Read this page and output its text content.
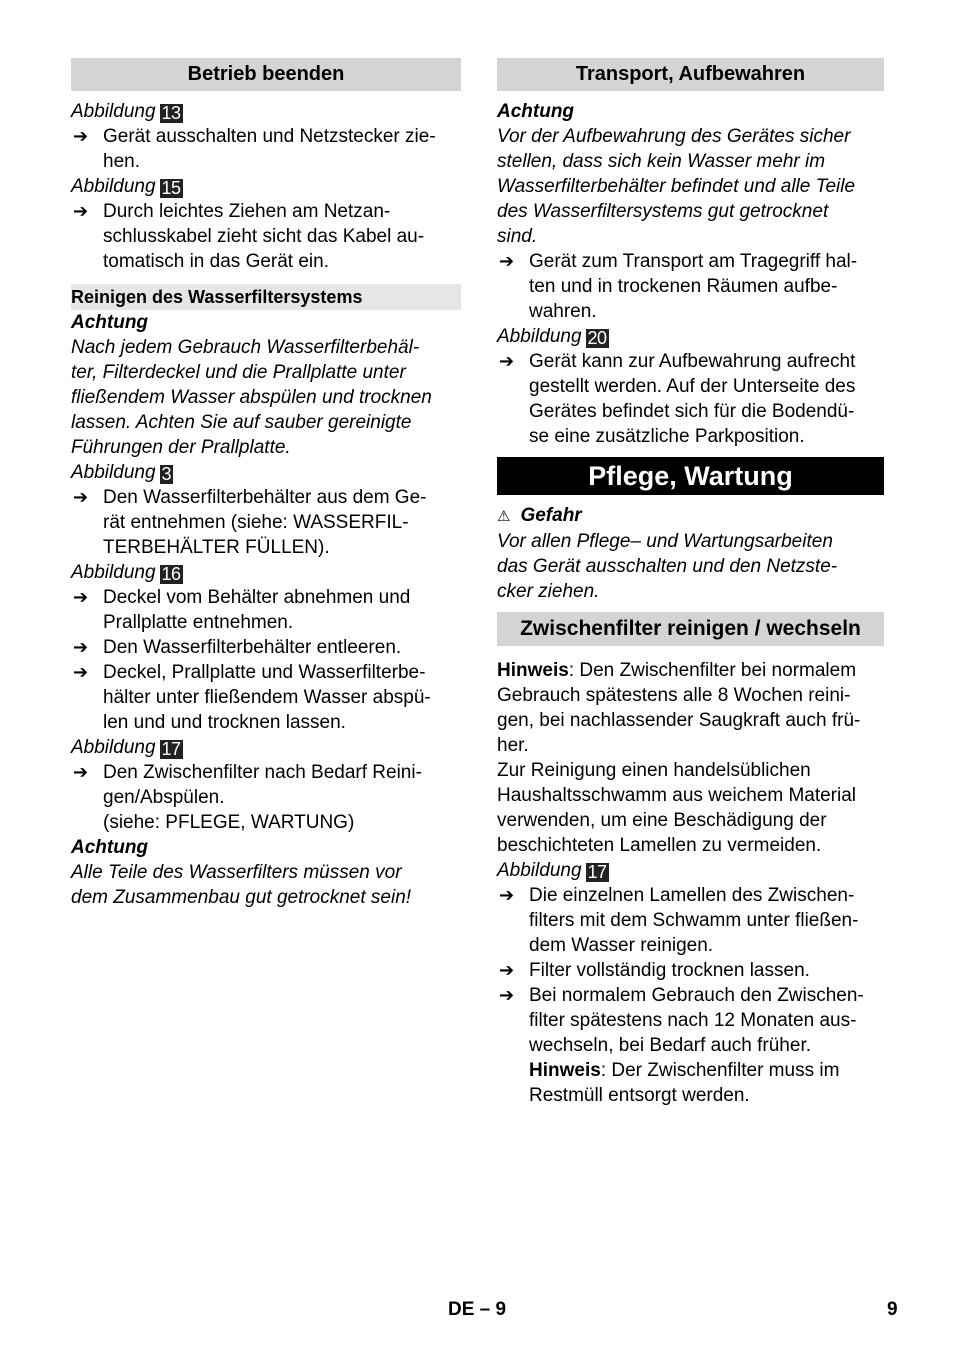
Betrieb beenden
Abbildung 13
➔ Gerät ausschalten und Netzstecker zie-
hen.
Abbildung 15
➔ Durch leichtes Ziehen am Netzan-
schlusskabel zieht sicht das Kabel au-
tomatisch in das Gerät ein.
Reinigen des Wasserfiltersystems
Achtung
Nach jedem Gebrauch Wasserfilterbehäl-
ter, Filterdeckel und die Prallplatte unter
fließendem Wasser abspülen und trocknen
lassen. Achten Sie auf sauber gereinigte
Führungen der Prallplatte.
Abbildung 3
➔ Den Wasserfilterbehälter aus dem Ge-
rät entnehmen (siehe: WASSERFIL-
TERBEHÄLTER FÜLLEN).
Abbildung 16
➔ Deckel vom Behälter abnehmen und
Prallplatte entnehmen.
➔ Den Wasserfilterbehälter entleeren.
➔ Deckel, Prallplatte und Wasserfilterbe-
hälter unter fließendem Wasser abspü-
len und und trocknen lassen.
Abbildung 17
➔ Den Zwischenfilter nach Bedarf Reini-
gen/Abspülen.
(siehe: PFLEGE, WARTUNG)
Achtung
Alle Teile des Wasserfilters müssen vor
dem Zusammenbau gut getrocknet sein!
Transport, Aufbewahren
Achtung
Vor der Aufbewahrung des Gerätes sicher
stellen, dass sich kein Wasser mehr im
Wasserfilterbehälter befindet und alle Teile
des Wasserfiltersystems gut getrocknet
sind.
➔ Gerät zum Transport am Tragegriff hal-
ten und in trockenen Räumen aufbe-
wahren.
Abbildung 20
➔ Gerät kann zur Aufbewahrung aufrecht
gestellt werden. Auf der Unterseite des
Gerätes befindet sich für die Bodendü-
se eine zusätzliche Parkposition.
Pflege, Wartung
⚠ Gefahr
Vor allen Pflege– und Wartungsarbeiten
das Gerät ausschalten und den Netzste-
cker ziehen.
Zwischenfilter reinigen / wechseln
Hinweis: Den Zwischenfilter bei normalem
Gebrauch spätestens alle 8 Wochen reini-
gen, bei nachlassender Saugkraft auch frü-
her.
Zur Reinigung einen handelsüblichen
Haushaltsschwamm aus weichem Material
verwenden, um eine Beschädigung der
beschichteten Lamellen zu vermeiden.
Abbildung 17
➔ Die einzelnen Lamellen des Zwischen-
filters mit dem Schwamm unter fließen-
dem Wasser reinigen.
➔ Filter vollständig trocknen lassen.
➔ Bei normalem Gebrauch den Zwischen-
filter spätestens nach 12 Monaten aus-
wechseln, bei Bedarf auch früher.
Hinweis: Der Zwischenfilter muss im
Restmüll entsorgt werden.
DE – 9	9
